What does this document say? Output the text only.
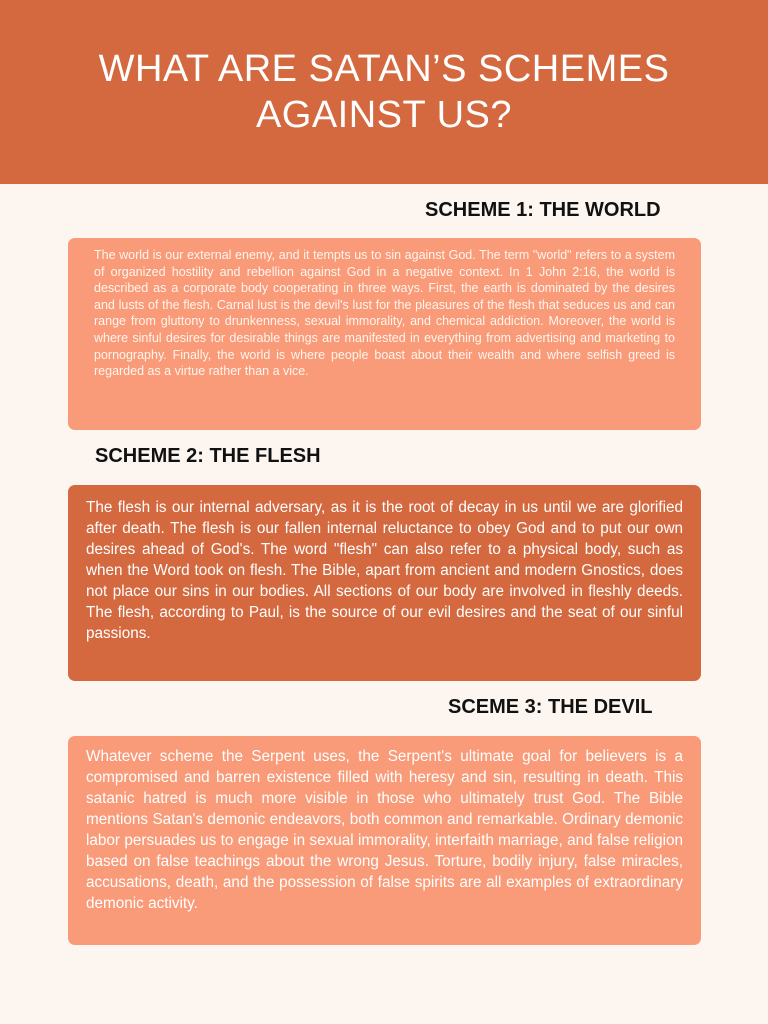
WHAT ARE SATAN’S SCHEMES AGAINST US?
SCHEME 1: THE WORLD

The world is our external enemy, and it tempts us to sin against God. The term "world" refers to a system of organized hostility and rebellion against God in a negative context. In 1 John 2:16, the world is described as a corporate body cooperating in three ways. First, the earth is dominated by the desires and lusts of the flesh. Carnal lust is the devil's lust for the pleasures of the flesh that seduces us and can range from gluttony to drunkenness, sexual immorality, and chemical addiction. Moreover, the world is where sinful desires for desirable things are manifested in everything from advertising and marketing to pornography. Finally, the world is where people boast about their wealth and where selfish greed is regarded as a virtue rather than a vice.

SCHEME 2: THE FLESH

The flesh is our internal adversary, as it is the root of decay in us until we are glorified after death. The flesh is our fallen internal reluctance to obey God and to put our own desires ahead of God's. The word "flesh" can also refer to a physical body, such as when the Word took on flesh. The Bible, apart from ancient and modern Gnostics, does not place our sins in our bodies. All sections of our body are involved in fleshly deeds. The flesh, according to Paul, is the source of our evil desires and the seat of our sinful passions.

SCEME 3: THE DEVIL

Whatever scheme the Serpent uses, the Serpent's ultimate goal for believers is a compromised and barren existence filled with heresy and sin, resulting in death. This satanic hatred is much more visible in those who ultimately trust God. The Bible mentions Satan's demonic endeavors, both common and remarkable. Ordinary demonic labor persuades us to engage in sexual immorality, interfaith marriage, and false religion based on false teachings about the wrong Jesus. Torture, bodily injury, false miracles, accusations, death, and the possession of false spirits are all examples of extraordinary demonic activity.
